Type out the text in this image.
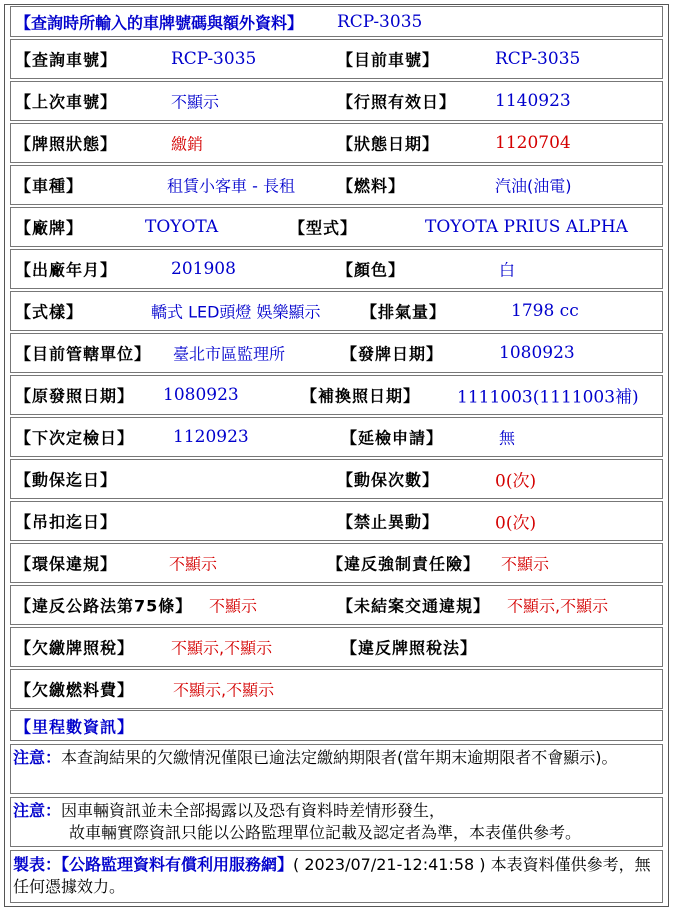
【查詢時所輸入的車牌號碼與額外資料】 RCP-3035
【查詢車號】	RCP-3035	【目前車號】	RCP-3035
【上次車號】	不顯示	【行照有效日】 1140923
【牌照狀態】	繳銷	【狀態日期】	1120704
【車種】	租賃小客車 - 長租	【燃料】	汽油(油電)
【廠牌】	TOYOTA	【型式】	TOYOTA PRIUS ALPHA
【出廠年月】	201908	【顏色】	白
【式樣】	轎式 LED頭燈 娛樂顯示	【排氣量】	1798 cc
【目前管轄單位】 臺北市區監理所	【發牌日期】	1080923
【原發照日期】 1080923	【補換照日期】 1111003(1111003補)
【下次定檢日】 1120923	【延檢申請】	無
【動保迄日】	【動保次數】	0(次)
【吊扣迄日】	【禁止異動】	0(次)
【環保違規】	不顯示	【違反強制責任險】 不顯示
【違反公路法第75條】 不顯示	【未結案交通違規】 不顯示,不顯示
【欠繳牌照稅】 不顯示,不顯示	【違反牌照稅法】
【欠繳燃料費】 不顯示,不顯示
【里程數資訊】
注意：本查詢結果的欠繳情況僅限已逾法定繳納期限者(當年期末逾期限者不會顯示)。
注意：因車輛資訊並未全部揭露以及恐有資料時差情形發生，
故車輛實際資訊只能以公路監理單位記載及認定者為準，本表僅供參考。
製表：【公路監理資料有償利用服務網】( 2023/07/21-12:41:58 ) 本表資料僅供參考，無任何憑據效力。
